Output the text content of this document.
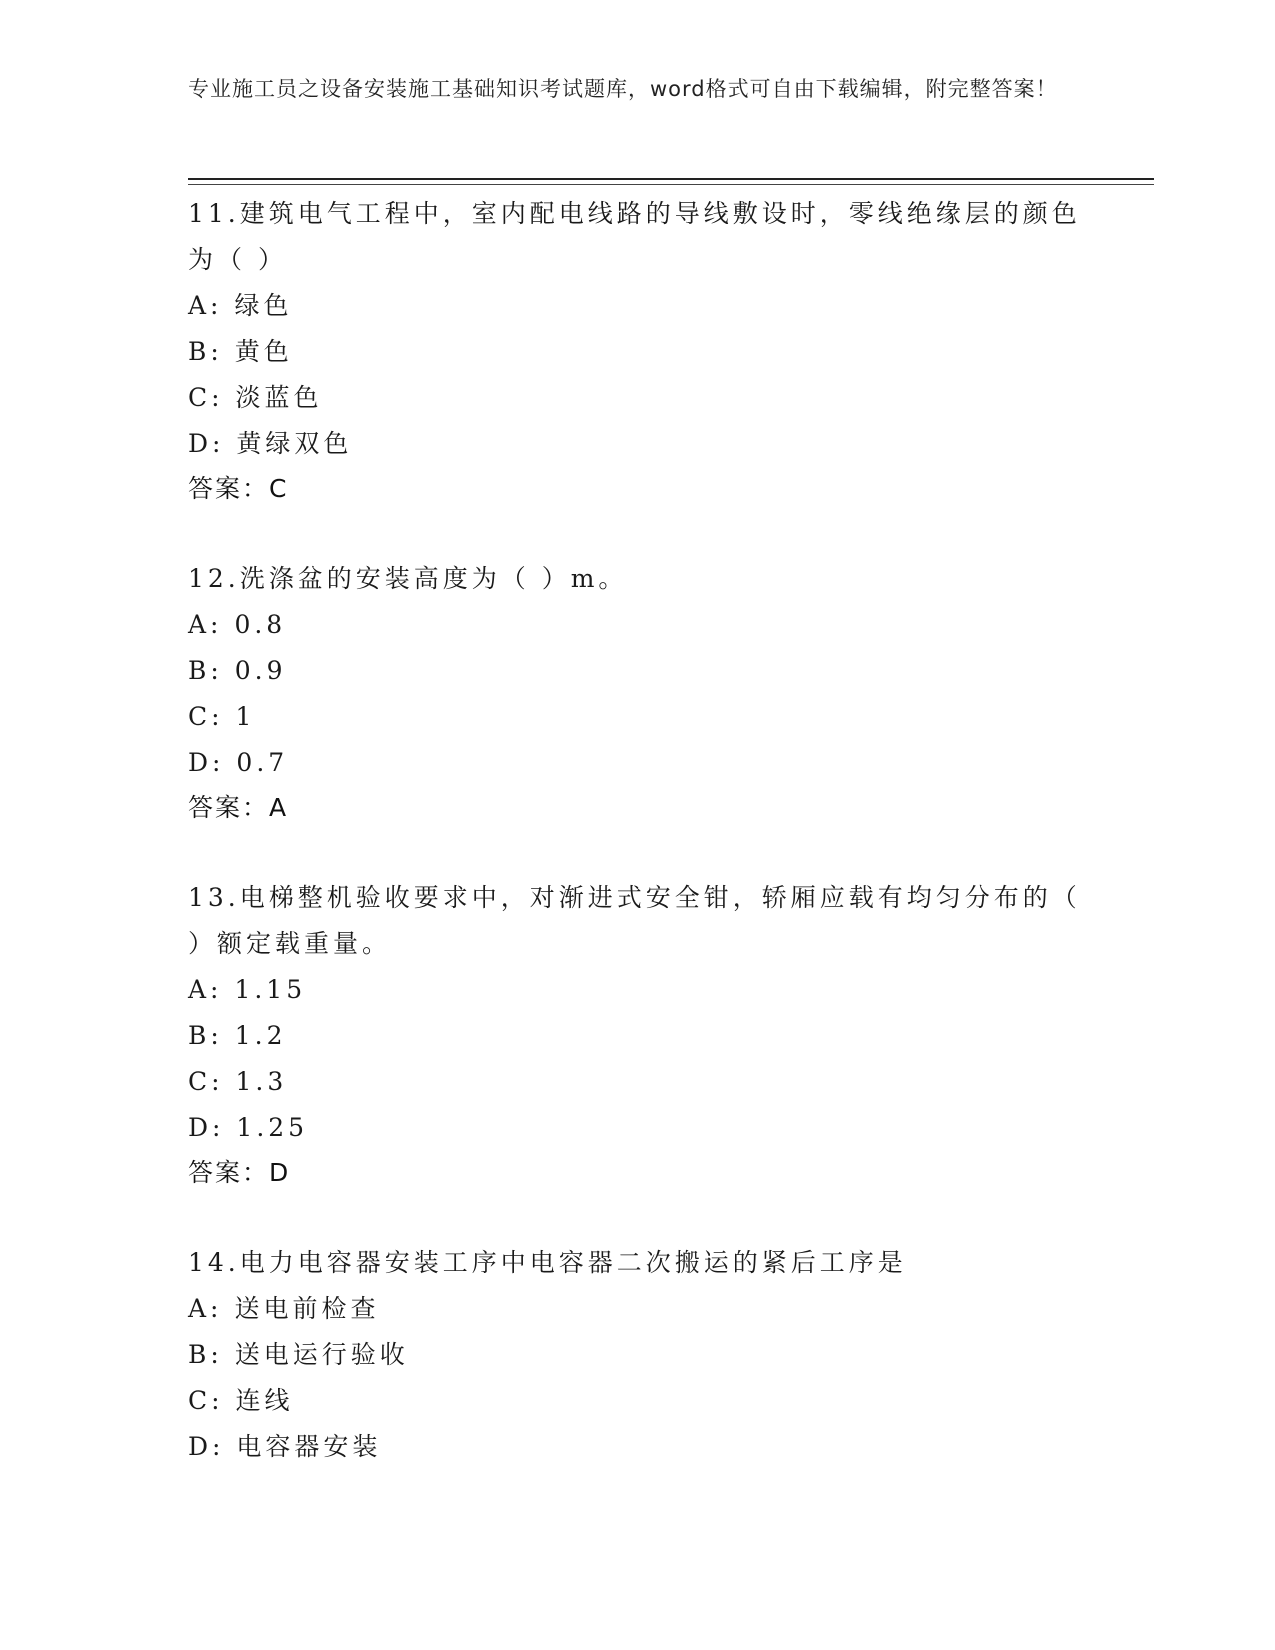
专业施工员之设备安装施工基础知识考试题库，word格式可自由下载编辑，附完整答案！
11.建筑电气工程中，室内配电线路的导线敷设时，零线绝缘层的颜色为（ ）
A: 绿色
B: 黄色
C: 淡蓝色
D: 黄绿双色
答案：C
12.洗涤盆的安装高度为（ ）m。
A: 0.8
B: 0.9
C: 1
D: 0.7
答案：A
13.电梯整机验收要求中，对渐进式安全钳，轿厢应载有均匀分布的（ ）额定载重量。
A: 1.15
B: 1.2
C: 1.3
D: 1.25
答案：D
14.电力电容器安装工序中电容器二次搬运的紧后工序是
A: 送电前检查
B: 送电运行验收
C: 连线
D: 电容器安装
